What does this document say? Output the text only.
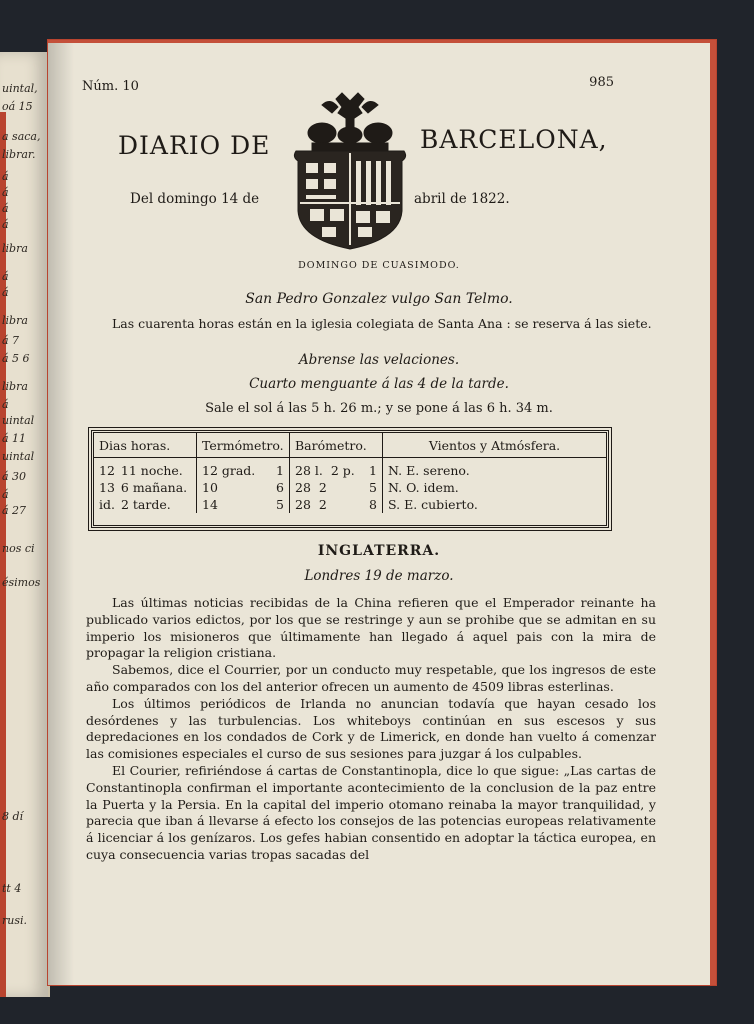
uintal,
oá 15
a saca,
librar.
á
á
á
á
libra
á
á
libra
á 7
á 5 6
libra
á
uintal
á 11
uintal
á 30
á
á 27
nos ci
ésimos
8 dí
tt 4
rusi.
Núm. 10	985
DIARIO DE	BARCELONA,
Del domingo 14 de	abril de 1822.
DOMINGO DE CUASIMODO.
San Pedro Gonzalez vulgo San Telmo.
Las cuarenta horas están en la iglesia colegiata de Santa Ana : se reserva á las siete.
Abrense las velaciones.
Cuarto menguante á las 4 de la tarde.
Sale el sol á las 5 h. 26 m.; y se pone á las 6 h. 34 m.
Dias horas.	Termómetro.	Barómetro.	Vientos y Atmósfera.
12 11 noche.	12 grad. 1	28 l. 2 p. 1	N. E. sereno.
13 6 mañana.	10 6	28 2 5	N. O. idem.
id. 2 tarde.	14 5	28 2 8	S. E. cubierto.
INGLATERRA.
Londres 19 de marzo.

Las últimas noticias recibidas de la China refieren que el Emperador reinante ha publicado varios edictos, por los que se restringe y aun se prohibe que se admitan en su imperio los misioneros que últimamente han llegado á aquel pais con la mira de propagar la religion cristiana.

Sabemos, dice el Courrier, por un conducto muy respetable, que los ingresos de este año comparados con los del anterior ofrecen un aumento de 4509 libras esterlinas.

Los últimos periódicos de Irlanda no anuncian todavía que hayan cesado los desórdenes y las turbulencias. Los whiteboys continúan en sus escesos y sus depredaciones en los condados de Cork y de Limerick, en donde han vuelto á comenzar las comisiones especiales el curso de sus sesiones para juzgar á los culpables.

El Courier, refiriéndose á cartas de Constantinopla, dice lo que sigue: „Las cartas de Constantinopla confirman el importante acontecimiento de la conclusion de la paz entre la Puerta y la Persia. En la capital del imperio otomano reinaba la mayor tranquilidad, y parecia que iban á llevarse á efecto los consejos de las potencias europeas relativamente á licenciar á los genízaros. Los gefes habian consentido en adoptar la táctica europea, en cuya consecuencia varias tropas sacadas del
